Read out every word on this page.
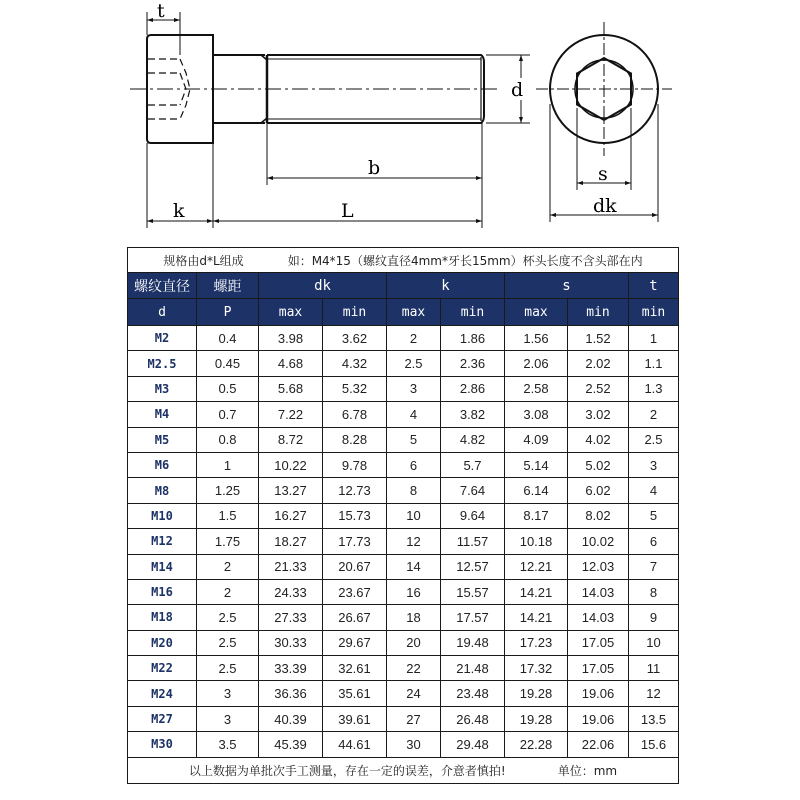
t
d
b
k	L
s
dk
规格由d*L组成 如：M4*15（螺纹直径4mm*牙长15mm）杯头长度不含头部在内								
螺纹直径	螺距	dk		k		s		t
d	P	max	min	max	min	max	min	min
M2	0.4	3.98	3.62	2	1.86	1.56	1.52	1
M2.5	0.45	4.68	4.32	2.5	2.36	2.06	2.02	1.1
M3	0.5	5.68	5.32	3	2.86	2.58	2.52	1.3
M4	0.7	7.22	6.78	4	3.82	3.08	3.02	2
M5	0.8	8.72	8.28	5	4.82	4.09	4.02	2.5
M6	1	10.22	9.78	6	5.7	5.14	5.02	3
M8	1.25	13.27	12.73	8	7.64	6.14	6.02	4
M10	1.5	16.27	15.73	10	9.64	8.17	8.02	5
M12	1.75	18.27	17.73	12	11.57	10.18	10.02	6
M14	2	21.33	20.67	14	12.57	12.21	12.03	7
M16	2	24.33	23.67	16	15.57	14.21	14.03	8
M18	2.5	27.33	26.67	18	17.57	14.21	14.03	9
M20	2.5	30.33	29.67	20	19.48	17.23	17.05	10
M22	2.5	33.39	32.61	22	21.48	17.32	17.05	11
M24	3	36.36	35.61	24	23.48	19.28	19.06	12
M27	3	40.39	39.61	27	26.48	19.28	19.06	13.5
M30	3.5	45.39	44.61	30	29.48	22.28	22.06	15.6
以上数据为单批次手工测量，存在一定的误差，介意者慎拍! 单位：mm								
